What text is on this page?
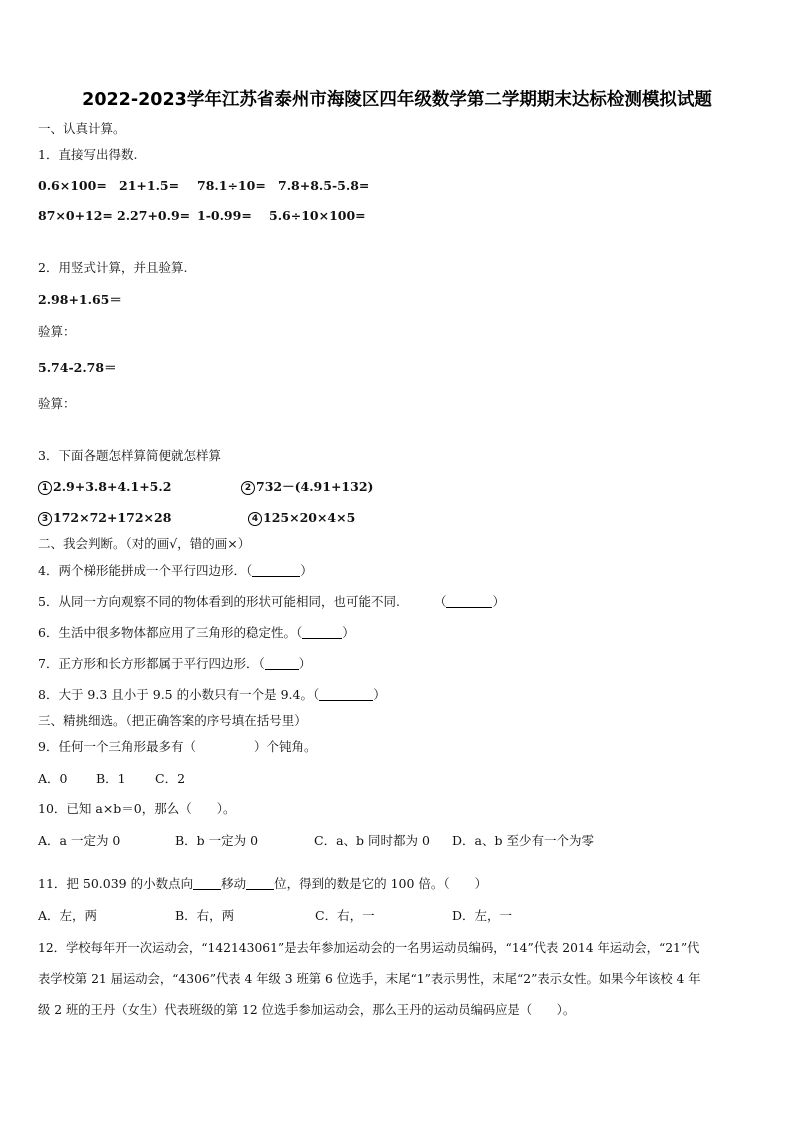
2022-2023学年江苏省泰州市海陵区四年级数学第二学期期末达标检测模拟试题
一、认真计算。
1．直接写出得数.
0.6×100= 21+1.5= 78.1÷10= 7.8+8.5-5.8=
87×0+12= 2.27+0.9= 1-0.99= 5.6÷10×100=
2．用竖式计算，并且验算.
2.98+1.65＝
验算：
5.74-2.78＝
验算：
3．下面各题怎样算简便就怎样算
1 2.9+3.8+4.1+5.2	2 732－(4.91+132)
3 172×72+172×28	4 125×20×4×5
二、我会判断。（对的画√，错的画×）
4．两个梯形能拼成一个平行四边形．（	）
5．从同一方向观察不同的物体看到的形状可能相同，也可能不同.	（	）
6．生活中很多物体都应用了三角形的稳定性。（	）
7．正方形和长方形都属于平行四边形．（	）
8．大于 9.3 且小于 9.5 的小数只有一个是 9.4。（	）
三、精挑细选。（把正确答案的序号填在括号里）
9．任何一个三角形最多有（	）个钝角。
A．0 B．1 C．2
10．已知 a×b＝0，那么（　　）。
A．a 一定为 0	B．b 一定为 0	C．a、b 同时都为 0 D．a、b 至少有一个为零
11．把 50.039 的小数点向 移动 位，得到的数是它的 100 倍。（　　）
A．左，两	B．右，两	C．右，一	D．左，一
12．学校每年开一次运动会，“142143061”是去年参加运动会的一名男运动员编码，“14”代表 2014 年运动会，“21”代
表学校第 21 届运动会，“4306”代表 4 年级 3 班第 6 位选手，末尾“1”表示男性，末尾“2”表示女性。如果今年该校 4 年
级 2 班的王丹（女生）代表班级的第 12 位选手参加运动会，那么王丹的运动员编码应是（　　）。
